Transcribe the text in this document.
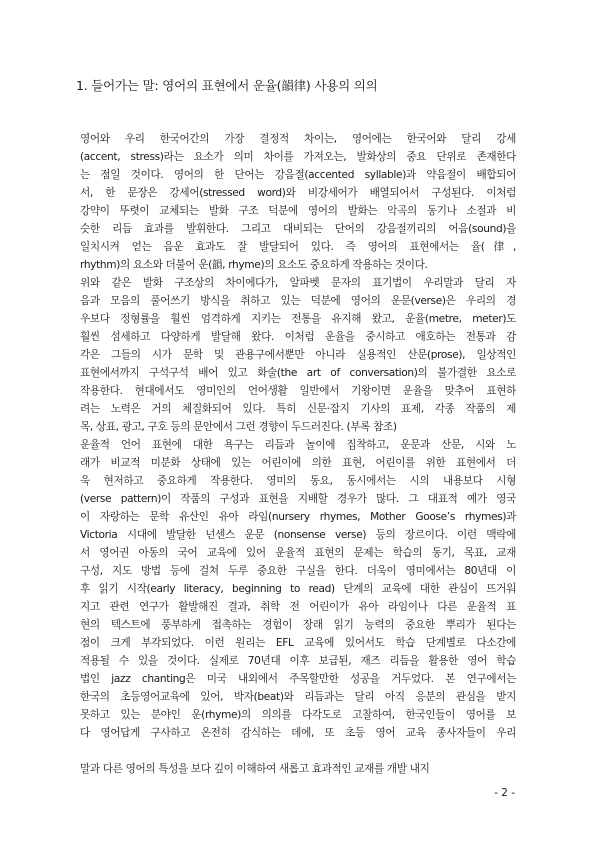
1. 들어가는 말: 영어의 표현에서 운율(韻律) 사용의 의의
영어와 우리 한국어간의 가장 결정적 차이는, 영어에는 한국어와 달리 강세
(accent, stress)라는 요소가 의미 차이를 가져오는, 발화상의 중요 단위로 존재한다
는 점일 것이다. 영어의 한 단어는 강음절(accented syllable)과 약음절이 배합되어
서, 한 문장은 강세어(stressed word)와 비강세어가 배열되어서 구성된다. 이처럼
강약이 뚜렷이 교체되는 발화 구조 덕분에 영어의 발화는 악곡의 동기나 소절과 비
슷한 리듬 효과를 발휘한다. 그리고 대비되는 단어의 강음절끼리의 어음(sound)을
일치시켜 얻는 음운 효과도 잘 발달되어 있다. 즉 영어의 표현에서는 율(律,
rhythm)의 요소와 더불어 운(韻, rhyme)의 요소도 중요하게 작용하는 것이다.
위와 같은 발화 구조상의 차이에다가, 알파벳 문자의 표기법이 우리말과 달리 자
음과 모음의 풀어쓰기 방식을 취하고 있는 덕분에 영어의 운문(verse)은 우리의 경
우보다 정형률을 훨씬 엄격하게 지키는 전통을 유지해 왔고, 운율(metre, meter)도
훨씬 섬세하고 다양하게 발달해 왔다. 이처럼 운율을 중시하고 애호하는 전통과 감
각은 그들의 시가 문학 및 관용구에서뿐만 아니라 실용적인 산문(prose), 일상적인
표현에서까지 구석구석 배어 있고 화술(the art of conversation)의 불가결한 요소로
작용한다. 현대에서도 영미인의 언어생활 일반에서 기왕이면 운율을 맞추어 표현하
려는 노력은 거의 체질화되어 있다. 특히 신문·잡지 기사의 표제, 각종 작품의 제
목, 상표, 광고, 구호 등의 문안에서 그런 경향이 두드러진다. (부록 참조)
운율적 언어 표현에 대한 욕구는 리듬과 놀이에 집착하고, 운문과 산문, 시와 노
래가 비교적 미분화 상태에 있는 어린이에 의한 표현, 어린이를 위한 표현에서 더
욱 현저하고 중요하게 작용한다. 영미의 동요, 동시에서는 시의 내용보다 시형
(verse pattern)이 작품의 구성과 표현을 지배할 경우가 많다. 그 대표적 예가 영국
이 자랑하는 문학 유산인 유아 라임(nursery rhymes, Mother Goose’s rhymes)과
Victoria 시대에 발달한 넌센스 운문 (nonsense verse) 등의 장르이다. 이런 맥락에
서 영어권 아동의 국어 교육에 있어 운율적 표현의 문제는 학습의 동기, 목표, 교재
구성, 지도 방법 등에 걸쳐 두루 중요한 구실을 한다. 더욱이 영미에서는 80년대 이
후 읽기 시작(early literacy, beginning to read) 단계의 교육에 대한 관심이 뜨거워
지고 관련 연구가 활발해진 결과, 취학 전 어린이가 유아 라임이나 다른 운율적 표
현의 텍스트에 풍부하게 접촉하는 경험이 장래 읽기 능력의 중요한 뿌리가 된다는
점이 크게 부각되었다. 이런 원리는 EFL 교육에 있어서도 학습 단계별로 다소간에
적용될 수 있을 것이다. 실제로 70년대 이후 보급된, 재즈 리듬을 활용한 영어 학습
법인 jazz chanting은 미국 내외에서 주목할만한 성공을 거두었다. 본 연구에서는
한국의 초등영어교육에 있어, 박자(beat)와 리듬과는 달리 아직 응분의 관심을 받지
못하고 있는 분야인 운(rhyme)의 의의를 다각도로 고찰하여, 한국인들이 영어를 보
다 영어답게 구사하고 온전히 감식하는 데에, 또 초등 영어 교육 종사자들이 우리
말과 다른 영어의 특성을 보다 깊이 이해하여 새롭고 효과적인 교재를 개발 내지
- 2 -
